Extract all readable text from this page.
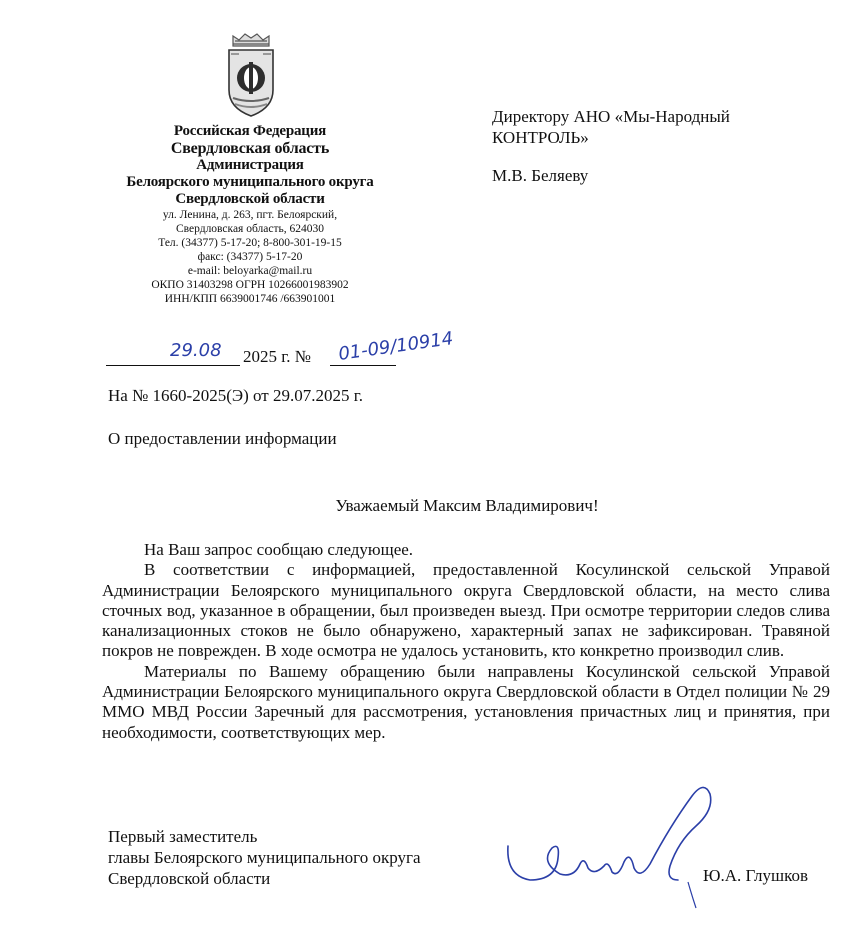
Российская Федерация
Свердловская область
Администрация
Белоярского муниципального округа
Свердловской области
ул. Ленина, д. 263, пгт. Белоярский,
Свердловская область, 624030
Тел. (34377) 5-17-20; 8-800-301-19-15
факс: (34377) 5-17-20
e-mail: beloyarka@mail.ru
ОКПО 31403298 ОГРН 1026600198390​2
ИНН/КПП 6639001746 /663901001
Директору АНО «Мы-Народный
КОНТРОЛЬ»
М.В. Беляеву
29.08 2025 г. № 01-09/10914
На № 1660-2025(Э) от 29.07.2025 г.
О предоставлении информации
Уважаемый Максим Владимирович!

На Ваш запрос сообщаю следующее.

В соответствии с информацией, предоставленной Косулинской сельской Управой Администрации Белоярского муниципального округа Свердловской области, на место слива сточных вод, указанное в обращении, был произведен выезд. При осмотре территории следов слива канализационных стоков не было обнаружено, характерный запах не зафиксирован. Травяной покров не поврежден. В ходе осмотра не удалось установить, кто конкретно производил слив.

Материалы по Вашему обращению были направлены Косулинской сельской Управой Администрации Белоярского муниципального округа Свердловской области в Отдел полиции № 29 ММО МВД России Заречный для рассмотрения, установления причастных лиц и принятия, при необходимости, соответствующих мер.

Первый заместитель
главы Белоярского муниципального округа
Свердловской области	Ю.А. Глушков
